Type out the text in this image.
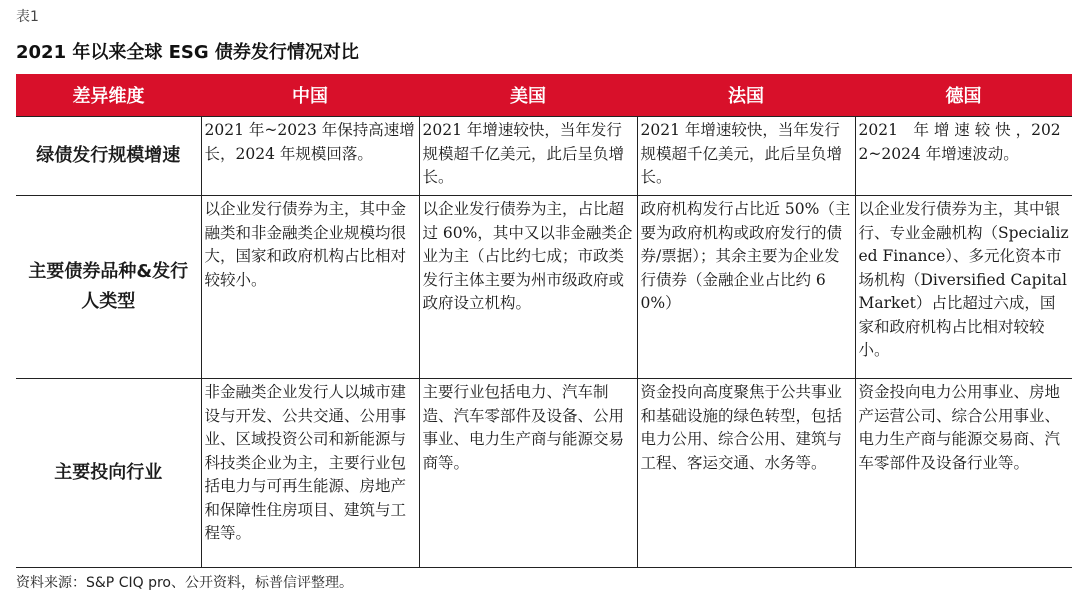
表1
2021 年以来全球 ESG 债券发行情况对比
差异维度	中国	美国	法国	德国
绿债发行规模增速	2021 年~2023 年保持高速增长，2024 年规模回落。	2021 年增速较快，当年发行规模超千亿美元，此后呈负增长。	2021 年增速较快，当年发行规模超千亿美元，此后呈负增长。	2021　年 增 速 较 快 ，2022~2024 年增速波动。
主要债券品种&发行人类型	以企业发行债券为主，其中金融类和非金融类企业规模均很大，国家和政府机构占比相对较较小。	以企业发行债券为主，占比超过 60%，其中又以非金融类企业为主（占比约七成；市政类发行主体主要为州市级政府或政府设立机构。	政府机构发行占比近 50%（主要为政府机构或政府发行的债券/票据）；其余主要为企业发行债券（金融企业占比约 60%）	以企业发行债券为主，其中银行、专业金融机构（Specialized Finance）、多元化资本市场机构（Diversified Capital Market）占比超过六成，国家和政府机构占比相对较较小。
主要投向行业	非金融类企业发行人以城市建设与开发、公共交通、公用事业、区域投资公司和新能源与科技类企业为主，主要行业包括电力与可再生能源、房地产和保障性住房项目、建筑与工程等。	主要行业包括电力、汽车制造、汽车零部件及设备、公用事业、电力生产商与能源交易商等。	资金投向高度聚焦于公共事业和基础设施的绿色转型，包括电力公用、综合公用、建筑与工程、客运交通、水务等。	资金投向电力公用事业、房地产运营公司、综合公用事业、电力生产商与能源交易商、汽车零部件及设备行业等。
资料来源：S&P CIQ pro、公开资料，标普信评整理。
